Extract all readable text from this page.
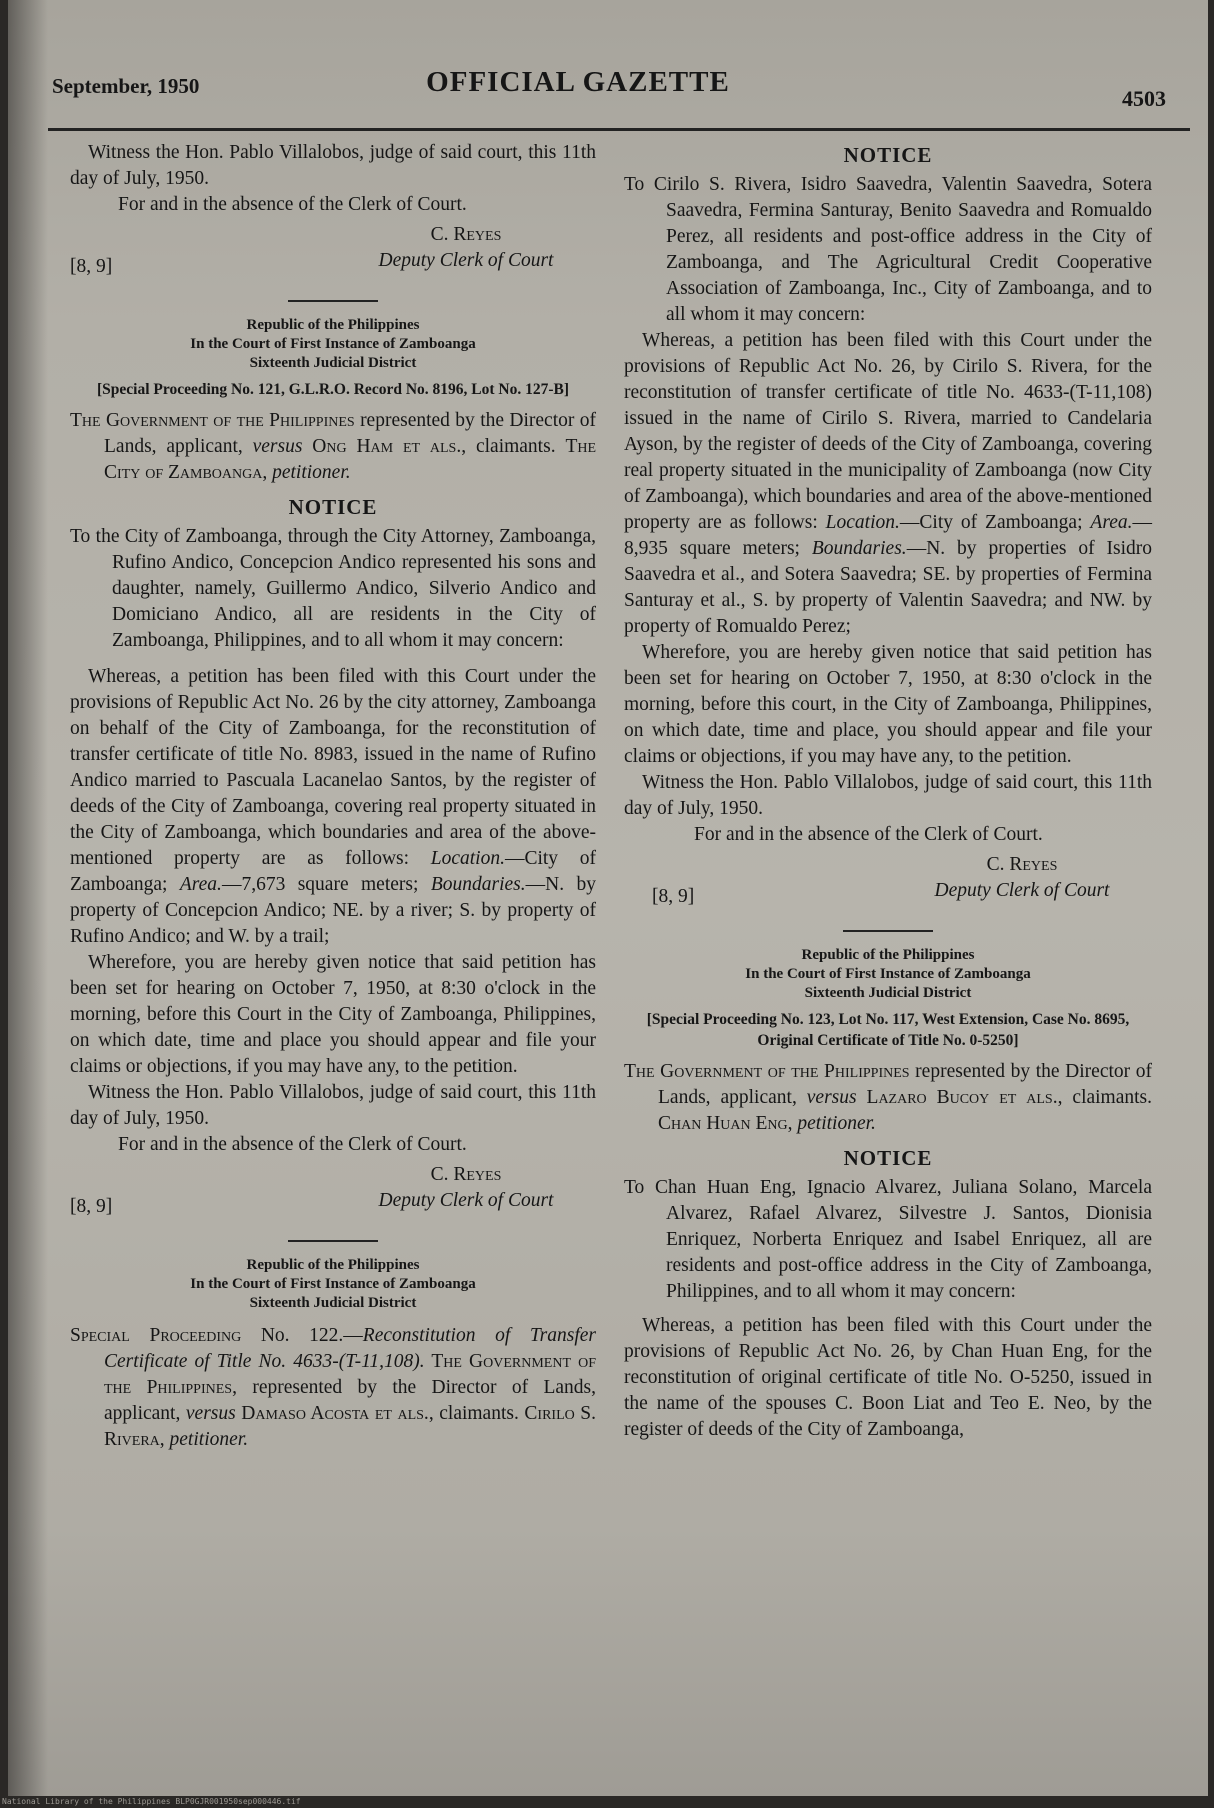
September, 1950	OFFICIAL GAZETTE
4503

Witness the Hon. Pablo Villalobos, judge of said court, this 11th day of July, 1950.

For and in the absence of the Clerk of Court.

C. Reyes
Deputy Clerk of Court
[8, 9]
Republic of the Philippines
In the Court of First Instance of Zamboanga
Sixteenth Judicial District

[Special Proceeding No. 121, G.L.R.O. Record No. 8196, Lot No. 127-B]

The Government of the Philippines represented by the Director of Lands, applicant, versus Ong Ham et als., claimants. The City of Zamboanga, petitioner.

NOTICE

To the City of Zamboanga, through the City Attorney, Zamboanga, Rufino Andico, Concepcion Andico represented his sons and daughter, namely, Guillermo Andico, Silverio Andico and Domiciano Andico, all are residents in the City of Zamboanga, Philippines, and to all whom it may concern:

Whereas, a petition has been filed with this Court under the provisions of Republic Act No. 26 by the city attorney, Zamboanga on behalf of the City of Zamboanga, for the reconstitution of transfer certificate of title No. 8983, issued in the name of Rufino Andico married to Pascuala Lacanelao Santos, by the register of deeds of the City of Zamboanga, covering real property situated in the City of Zamboanga, which boundaries and area of the above-mentioned property are as follows: Location.—City of Zamboanga; Area.—7,673 square meters; Boundaries.—N. by property of Concepcion Andico; NE. by a river; S. by property of Rufino Andico; and W. by a trail;

Wherefore, you are hereby given notice that said petition has been set for hearing on October 7, 1950, at 8:30 o'clock in the morning, before this Court in the City of Zamboanga, Philippines, on which date, time and place you should appear and file your claims or objections, if you may have any, to the petition.

Witness the Hon. Pablo Villalobos, judge of said court, this 11th day of July, 1950.

For and in the absence of the Clerk of Court.

C. Reyes
Deputy Clerk of Court
[8, 9]
Republic of the Philippines
In the Court of First Instance of Zamboanga
Sixteenth Judicial District

Special Proceeding No. 122.—Reconstitution of Transfer Certificate of Title No. 4633-(T-11,108). The Government of the Philippines, represented by the Director of Lands, applicant, versus Damaso Acosta et als., claimants. Cirilo S. Rivera, petitioner.

NOTICE

To Cirilo S. Rivera, Isidro Saavedra, Valentin Saavedra, Sotera Saavedra, Fermina Santuray, Benito Saavedra and Romualdo Perez, all residents and post-office address in the City of Zamboanga, and The Agricultural Credit Cooperative Association of Zamboanga, Inc., City of Zamboanga, and to all whom it may concern:

Whereas, a petition has been filed with this Court under the provisions of Republic Act No. 26, by Cirilo S. Rivera, for the reconstitution of transfer certificate of title No. 4633-(T-11,108) issued in the name of Cirilo S. Rivera, married to Candelaria Ayson, by the register of deeds of the City of Zamboanga, covering real property situated in the municipality of Zamboanga (now City of Zamboanga), which boundaries and area of the above-mentioned property are as follows: Location.—City of Zamboanga; Area.—8,935 square meters; Boundaries.—N. by properties of Isidro Saavedra et al., and Sotera Saavedra; SE. by properties of Fermina Santuray et al., S. by property of Valentin Saavedra; and NW. by property of Romualdo Perez;

Wherefore, you are hereby given notice that said petition has been set for hearing on October 7, 1950, at 8:30 o'clock in the morning, before this court, in the City of Zamboanga, Philippines, on which date, time and place, you should appear and file your claims or objections, if you may have any, to the petition.

Witness the Hon. Pablo Villalobos, judge of said court, this 11th day of July, 1950.

For and in the absence of the Clerk of Court.

C. Reyes
Deputy Clerk of Court
[8, 9]
Republic of the Philippines
In the Court of First Instance of Zamboanga
Sixteenth Judicial District

[Special Proceeding No. 123, Lot No. 117, West Extension, Case No. 8695, Original Certificate of Title No. 0-5250]

The Government of the Philippines represented by the Director of Lands, applicant, versus Lazaro Bucoy et als., claimants. Chan Huan Eng, petitioner.

NOTICE

To Chan Huan Eng, Ignacio Alvarez, Juliana Solano, Marcela Alvarez, Rafael Alvarez, Silvestre J. Santos, Dionisia Enriquez, Norberta Enriquez and Isabel Enriquez, all are residents and post-office address in the City of Zamboanga, Philippines, and to all whom it may concern:

Whereas, a petition has been filed with this Court under the provisions of Republic Act No. 26, by Chan Huan Eng, for the reconstitution of original certificate of title No. O-5250, issued in the name of the spouses C. Boon Liat and Teo E. Neo, by the register of deeds of the City of Zamboanga,

National Library of the Philippines BLP0GJR001950sep000446.tif
